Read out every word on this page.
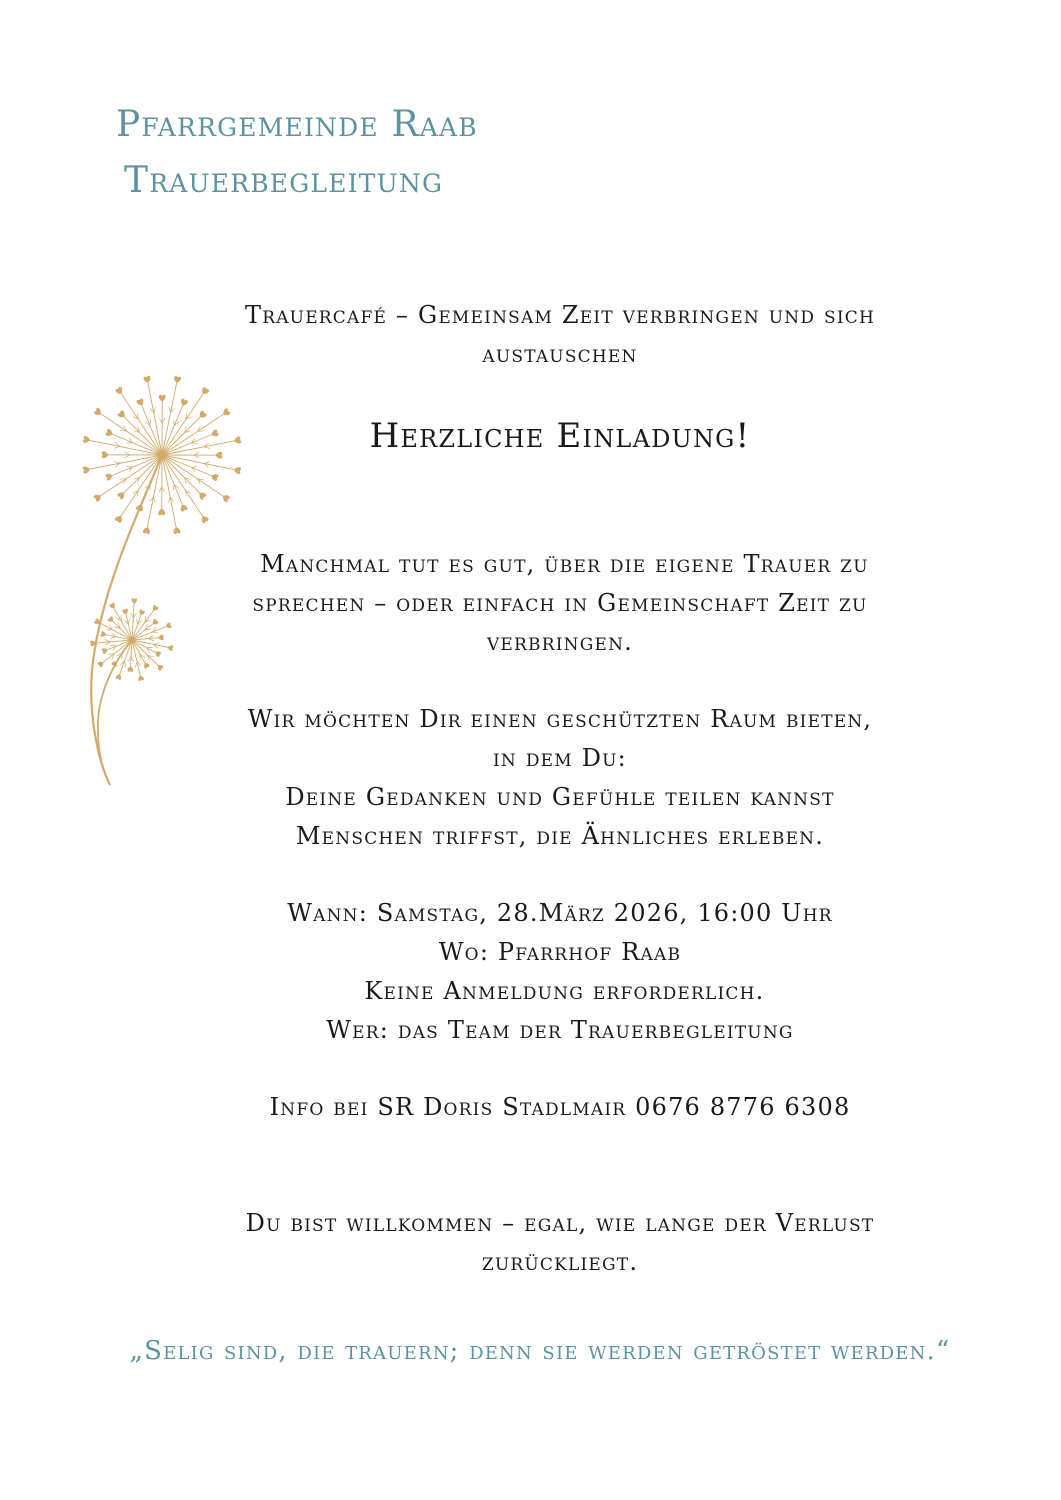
Pfarrgemeinde Raab
Trauerbegleitung
Trauercafé – Gemeinsam Zeit verbringen und sich
austauschen
Herzliche Einladung!
Manchmal tut es gut, über die eigene Trauer zu
sprechen – oder einfach in Gemeinschaft Zeit zu
verbringen.
Wir möchten Dir einen geschützten Raum bieten,
in dem Du:
Deine Gedanken und Gefühle teilen kannst
Menschen triffst, die Ähnliches erleben.
Wann: Samstag, 28.März 2026, 16:00 Uhr
Wo: Pfarrhof Raab
Keine Anmeldung erforderlich.
Wer: das Team der Trauerbegleitung
Info bei SR Doris Stadlmair 0676 8776 6308
Du bist willkommen – egal, wie lange der Verlust
zurückliegt.
„Selig sind, die trauern; denn sie werden getröstet werden.“
